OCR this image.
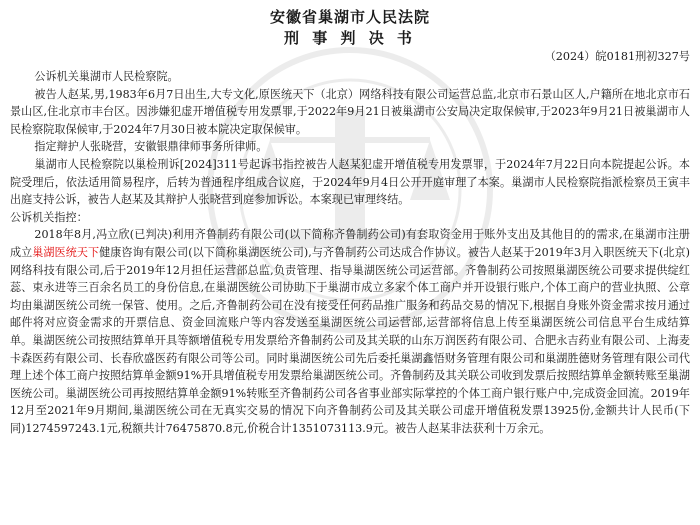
安徽省巢湖市人民法院
刑 事 判 决 书
（2024）皖0181刑初327号

公诉机关巢湖市人民检察院。

被告人赵某,男,1983年6月7日出生,大专文化,原医统天下（北京）网络科技有限公司运营总监,北京市石景山区人,户籍所在地北京市石景山区,住北京市丰台区。因涉嫌犯虚开增值税专用发票罪,于2022年9月21日被巢湖市公安局决定取保候审,于2023年9月21日被巢湖市人民检察院取保候审,于2024年7月30日被本院决定取保候审。

指定辩护人张晓营，安徽银鼎律师事务所律师。

巢湖市人民检察院以巢检刑诉[2024]311号起诉书指控被告人赵某犯虚开增值税专用发票罪，于2024年7月22日向本院提起公诉。本院受理后，依法适用简易程序，后转为普通程序组成合议庭，于2024年9月4日公开开庭审理了本案。巢湖市人民检察院指派检察员王寅丰出庭支持公诉，被告人赵某及其辩护人张晓营到庭参加诉讼。本案现已审理终结。

公诉机关指控：

2018年8月,冯立欣(已判决)利用齐鲁制药有限公司(以下简称齐鲁制药公司)有套取资金用于账外支出及其他目的的需求,在巢湖市注册成立巢湖医统天下健康咨询有限公司(以下简称巢湖医统公司),与齐鲁制药公司达成合作协议。被告人赵某于2019年3月入职医统天下(北京)网络科技有限公司,后于2019年12月担任运营部总监,负责管理、指导巢湖医统公司运营部。齐鲁制药公司按照巢湖医统公司要求提供绽红蕊、束永进等三百余名员工的身份信息,在巢湖医统公司协助下于巢湖市成立多家个体工商户并开设银行账户,个体工商户的营业执照、公章均由巢湖医统公司统一保管、使用。之后,齐鲁制药公司在没有接受任何药品推广服务和药品交易的情况下,根据自身账外资金需求按月通过邮件将对应资金需求的开票信息、资金回流账户等内容发送至巢湖医统公司运营部,运营部将信息上传至巢湖医统公司信息平台生成结算单。巢湖医统公司按照结算单开具等额增值税专用发票给齐鲁制药公司及其关联的山东万润医药有限公司、合肥永吉药业有限公司、上海麦卡森医药有限公司、长春欣盛医药有限公司等公司。同时巢湖医统公司先后委托巢湖鑫悟财务管理有限公司和巢湖胜德财务管理有限公司代理上述个体工商户按照结算单金额91%开具增值税专用发票给巢湖医统公司。齐鲁制药及其关联公司收到发票后按照结算单金额转账至巢湖医统公司。巢湖医统公司再按照结算单金额91%转账至齐鲁制药公司各省事业部实际掌控的个体工商户银行账户中,完成资金回流。2019年12月至2021年9月期间,巢湖医统公司在无真实交易的情况下向齐鲁制药公司及其关联公司虚开增值税发票13925份,金额共计人民币(下同)1274597243.1元,税额共计76475870.8元,价税合计1351073113.9元。被告人赵某非法获利十万余元。
